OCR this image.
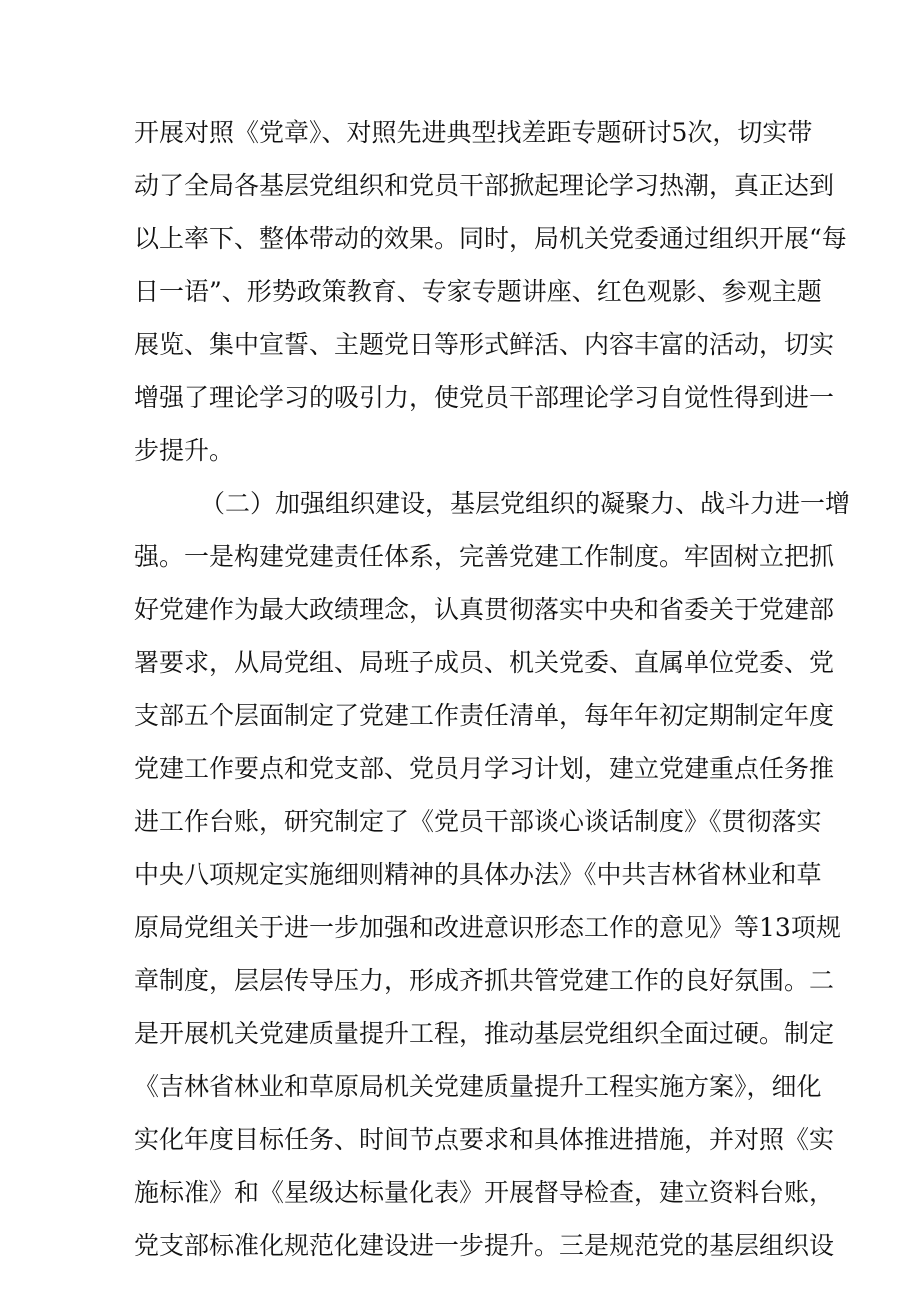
开展对照《党章》、对照先进典型找差距专题研讨5次，切实带
动了全局各基层党组织和党员干部掀起理论学习热潮，真正达到
以上率下、整体带动的效果。同时，局机关党委通过组织开展“每
日一语”、形势政策教育、专家专题讲座、红色观影、参观主题
展览、集中宣誓、主题党日等形式鲜活、内容丰富的活动，切实
增强了理论学习的吸引力，使党员干部理论学习自觉性得到进一
步提升。
（二）加强组织建设，基层党组织的凝聚力、战斗力进一增
强。一是构建党建责任体系，完善党建工作制度。牢固树立把抓
好党建作为最大政绩理念，认真贯彻落实中央和省委关于党建部
署要求，从局党组、局班子成员、机关党委、直属单位党委、党
支部五个层面制定了党建工作责任清单，每年年初定期制定年度
党建工作要点和党支部、党员月学习计划，建立党建重点任务推
进工作台账，研究制定了《党员干部谈心谈话制度》《贯彻落实
中央八项规定实施细则精神的具体办法》《中共吉林省林业和草
原局党组关于进一步加强和改进意识形态工作的意见》等13项规
章制度，层层传导压力，形成齐抓共管党建工作的良好氛围。二
是开展机关党建质量提升工程，推动基层党组织全面过硬。制定
《吉林省林业和草原局机关党建质量提升工程实施方案》，细化
实化年度目标任务、时间节点要求和具体推进措施，并对照《实
施标准》和《星级达标量化表》开展督导检查，建立资料台账，
党支部标准化规范化建设进一步提升。三是规范党的基层组织设
